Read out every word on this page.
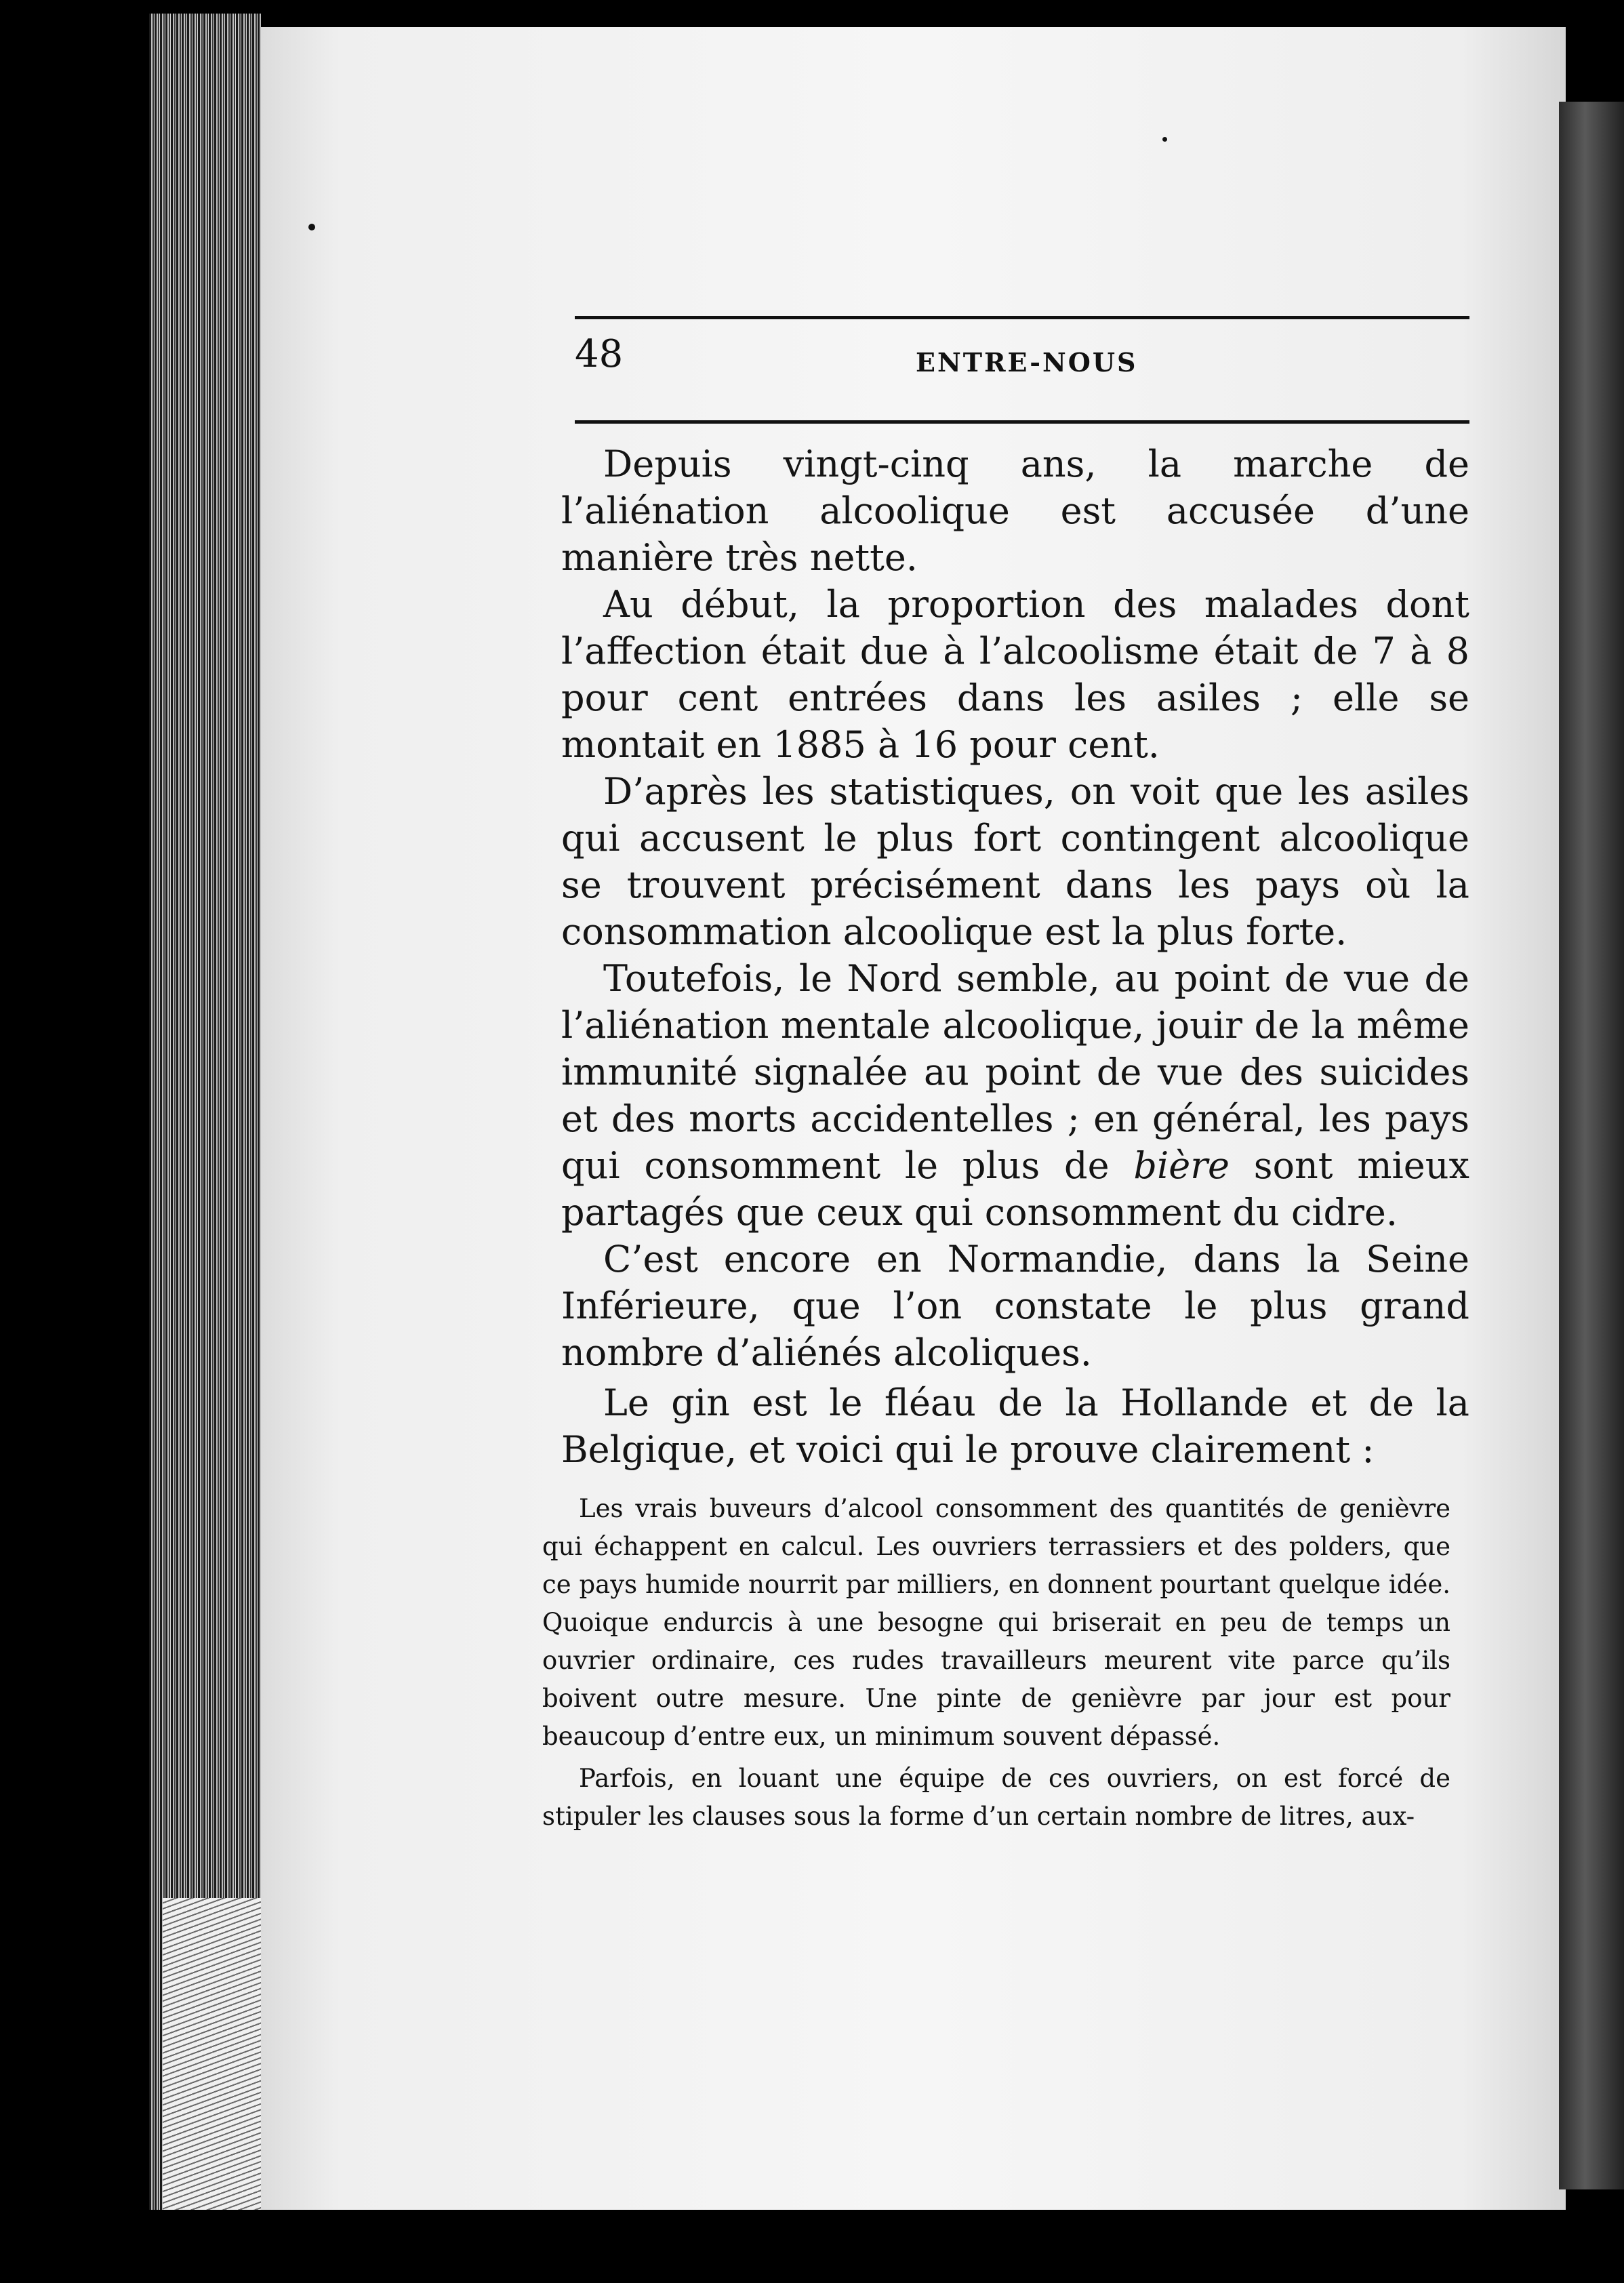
48	ENTRE-NOUS

Depuis vingt-cinq ans, la marche de l’aliénation alcoolique est accusée d’une manière très nette.

Au début, la proportion des malades dont l’affection était due à l’alcoolisme était de 7 à 8 pour cent entrées dans les asiles ; elle se montait en 1885 à 16 pour cent.

D’après les statistiques, on voit que les asiles qui accusent le plus fort contingent alcoolique se trouvent précisément dans les pays où la consommation alcoolique est la plus forte.

Toutefois, le Nord semble, au point de vue de l’aliénation mentale alcoolique, jouir de la même immunité signalée au point de vue des suicides et des morts accidentelles ; en général, les pays qui consomment le plus de bière sont mieux partagés que ceux qui consomment du cidre.

C’est encore en Normandie, dans la Seine Inférieure, que l’on constate le plus grand nombre d’aliénés alcoliques.

Le gin est le fléau de la Hollande et de la Belgique, et voici qui le prouve clairement :

Les vrais buveurs d’alcool consomment des quantités de genièvre qui échappent en calcul. Les ouvriers terrassiers et des polders, que ce pays humide nourrit par milliers, en donnent pourtant quelque idée. Quoique endurcis à une besogne qui briserait en peu de temps un ouvrier ordinaire, ces rudes travailleurs meurent vite parce qu’ils boivent outre mesure. Une pinte de genièvre par jour est pour beaucoup d’entre eux, un minimum souvent dépassé.

Parfois, en louant une équipe de ces ouvriers, on est forcé de stipuler les clauses sous la forme d’un certain nombre de litres, aux-
